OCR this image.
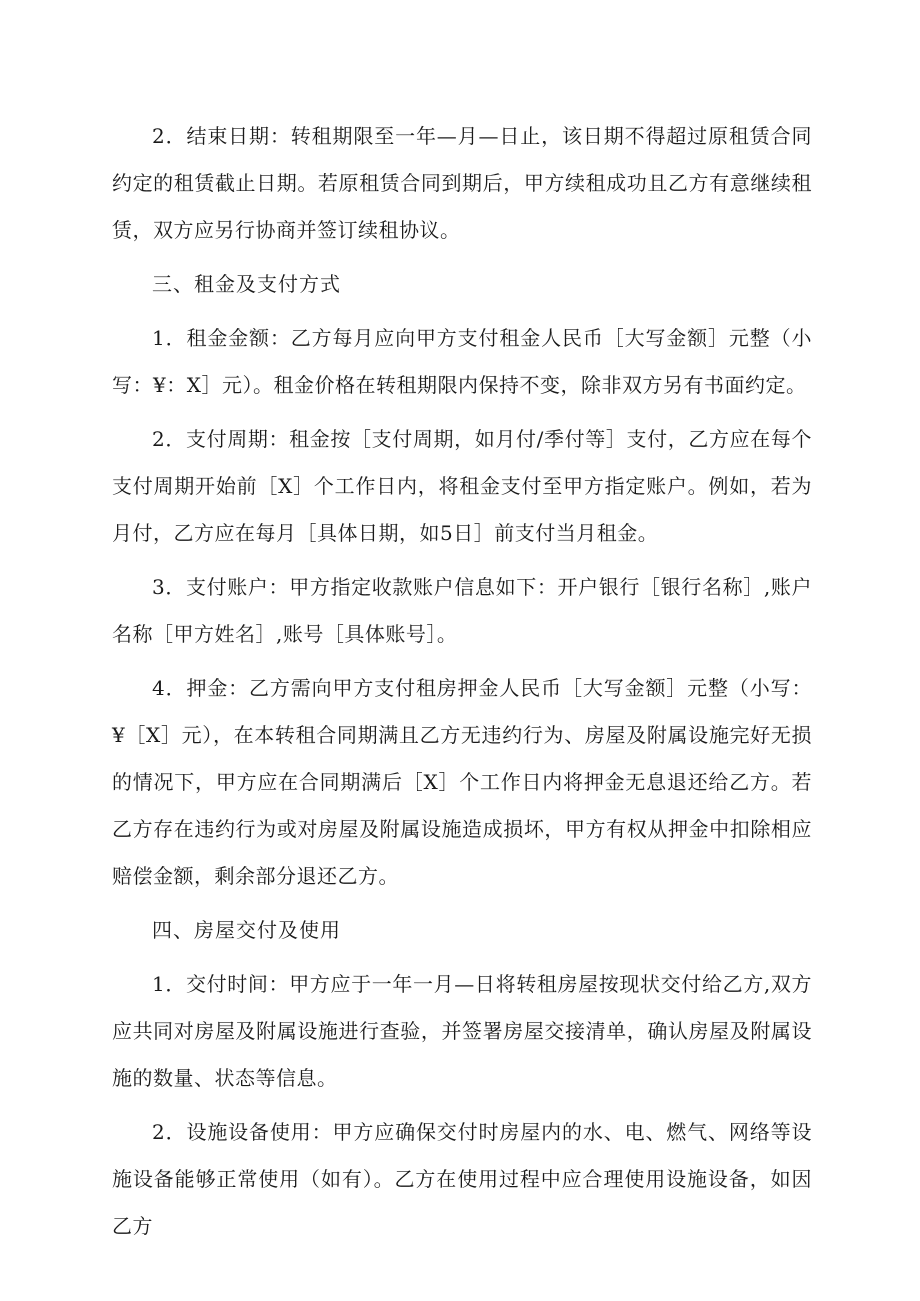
2．结束日期：转租期限至一年—月—日止，该日期不得超过原租赁合同约定的租赁截止日期。若原租赁合同到期后，甲方续租成功且乙方有意继续租赁，双方应另行协商并签订续租协议。

三、租金及支付方式

1．租金金额：乙方每月应向甲方支付租金人民币［大写金额］元整（小写：¥：X］元）。租金价格在转租期限内保持不变，除非双方另有书面约定。

2．支付周期：租金按［支付周期，如月付/季付等］支付，乙方应在每个支付周期开始前［X］个工作日内，将租金支付至甲方指定账户。例如，若为月付，乙方应在每月［具体日期，如5日］前支付当月租金。

3．支付账户：甲方指定收款账户信息如下：开户银行［银行名称］,账户名称［甲方姓名］,账号［具体账号］。

4．押金：乙方需向甲方支付租房押金人民币［大写金额］元整（小写：¥［X］元），在本转租合同期满且乙方无违约行为、房屋及附属设施完好无损的情况下，甲方应在合同期满后［X］个工作日内将押金无息退还给乙方。若乙方存在违约行为或对房屋及附属设施造成损坏，甲方有权从押金中扣除相应赔偿金额，剩余部分退还乙方。

四、房屋交付及使用

1．交付时间：甲方应于一年一月—日将转租房屋按现状交付给乙方,双方应共同对房屋及附属设施进行查验，并签署房屋交接清单，确认房屋及附属设施的数量、状态等信息。

2．设施设备使用：甲方应确保交付时房屋内的水、电、燃气、网络等设施设备能够正常使用（如有）。乙方在使用过程中应合理使用设施设备，如因乙方
